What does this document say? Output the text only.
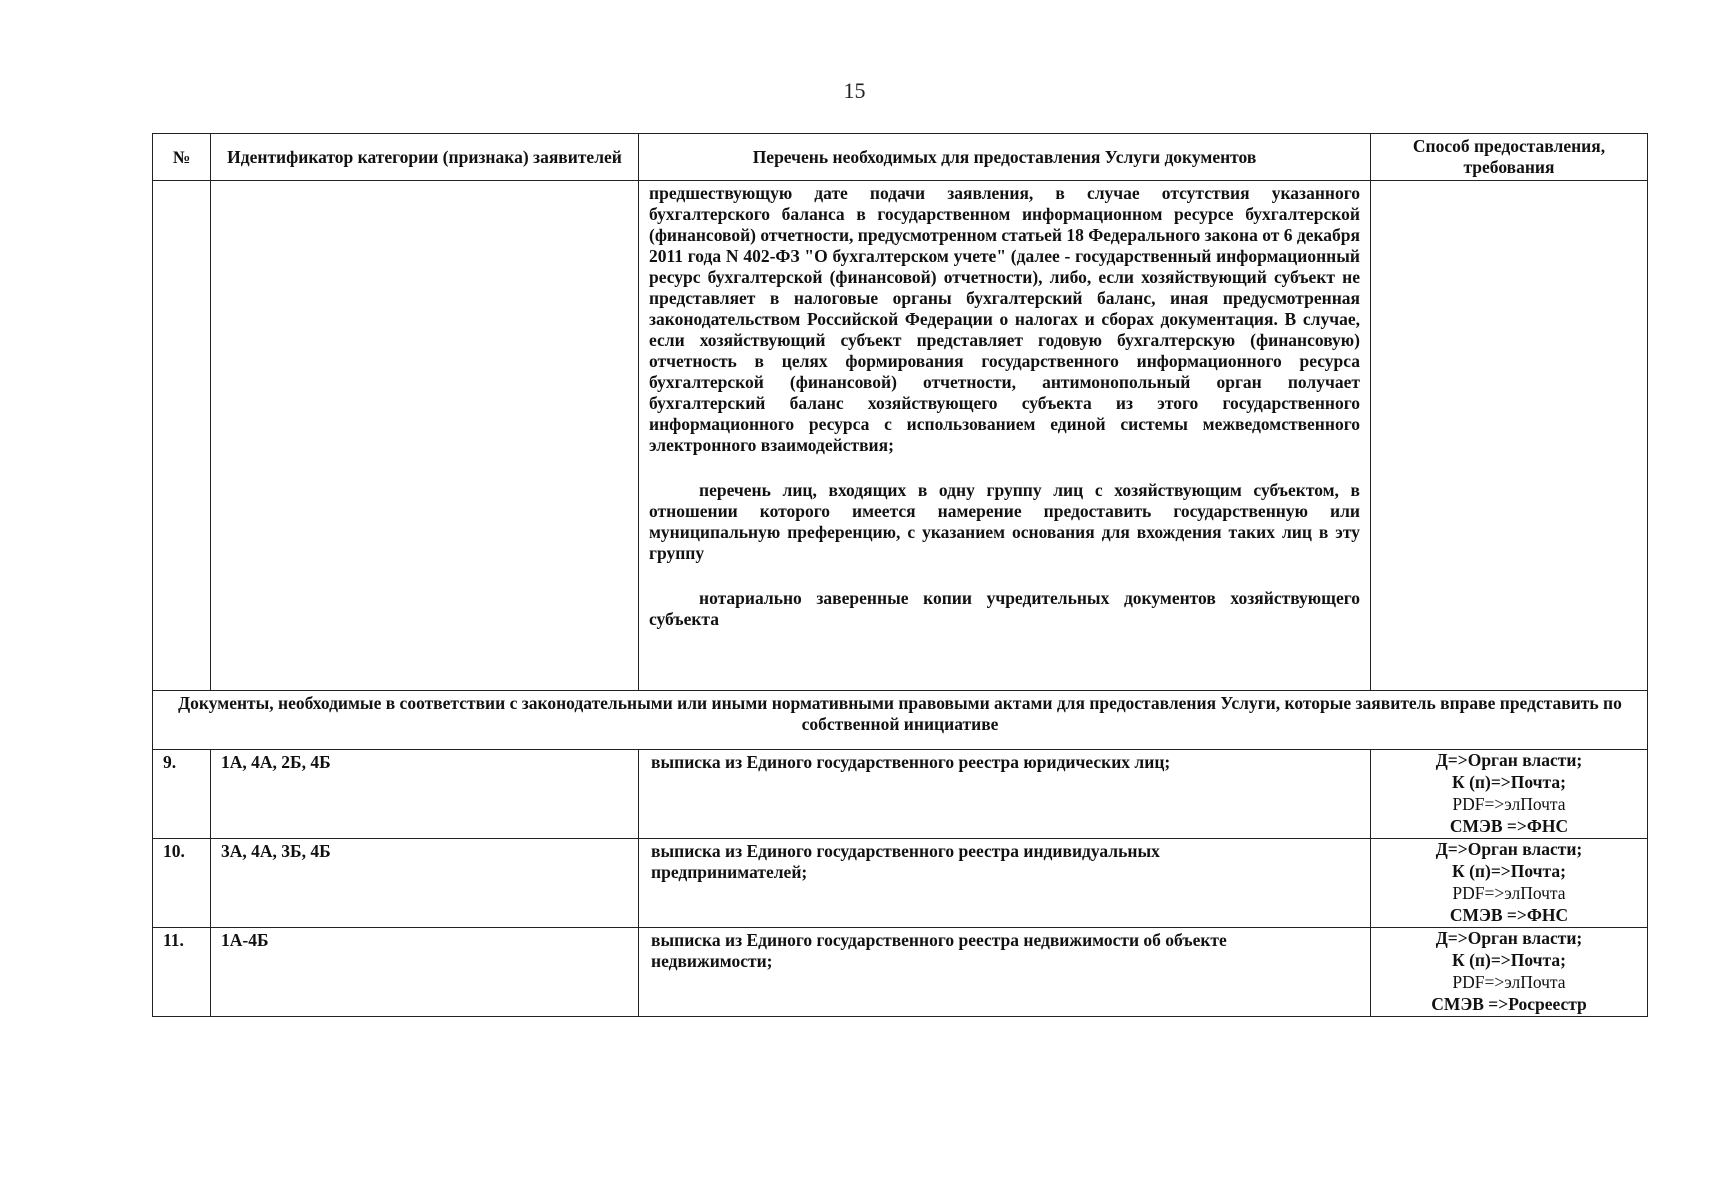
15
№	Идентификатор категории (признака) заявителей	Перечень необходимых для предоставления Услуги документов	Способ предоставления, требования

		предшествующую дате подачи заявления, в случае отсутствия указанного бухгалтерского баланса в государственном информационном ресурсе бухгалтерской (финансовой) отчетности, предусмотренном статьей 18 Федерального закона от 6 декабря 2011 года N 402-ФЗ "О бухгалтерском учете" (далее - государственный информационный ресурс бухгалтерской (финансовой) отчетности), либо, если хозяйствующий субъект не представляет в налоговые органы бухгалтерский баланс, иная предусмотренная законодательством Российской Федерации о налогах и сборах документация. В случае, если хозяйствующий субъект представляет годовую бухгалтерскую (финансовую) отчетность в целях формирования государственного информационного ресурса бухгалтерской (финансовой) отчетности, антимонопольный орган получает бухгалтерский баланс хозяйствующего субъекта из этого государственного информационного ресурса с использованием единой системы межведомственного электронного взаимодействия;

перечень лиц, входящих в одну группу лиц с хозяйствующим субъектом, в отношении которого имеется намерение предоставить государственную или муниципальную преференцию, с указанием основания для вхождения таких лиц в эту группу

нотариально заверенные копии учредительных документов хозяйствующего субъекта	

Документы, необходимые в соответствии с законодательными или иными нормативными правовыми актами для предоставления Услуги, которые заявитель вправе представить по собственной инициативе			
9.	1А, 4А, 2Б, 4Б	выписка из Единого государственного реестра юридических лиц;	Д=>Орган власти;
К (п)=>Почта;
PDF=>элПочта
СМЭВ =>ФНС

10.	3А, 4А, 3Б, 4Б	выписка из Единого государственного реестра индивидуальных предпринимателей;	Д=>Орган власти;
К (п)=>Почта;
PDF=>элПочта
СМЭВ =>ФНС

11.	1А-4Б	выписка из Единого государственного реестра недвижимости об объекте недвижимости;	Д=>Орган власти;
К (п)=>Почта;
PDF=>элПочта
СМЭВ =>Росреестр
